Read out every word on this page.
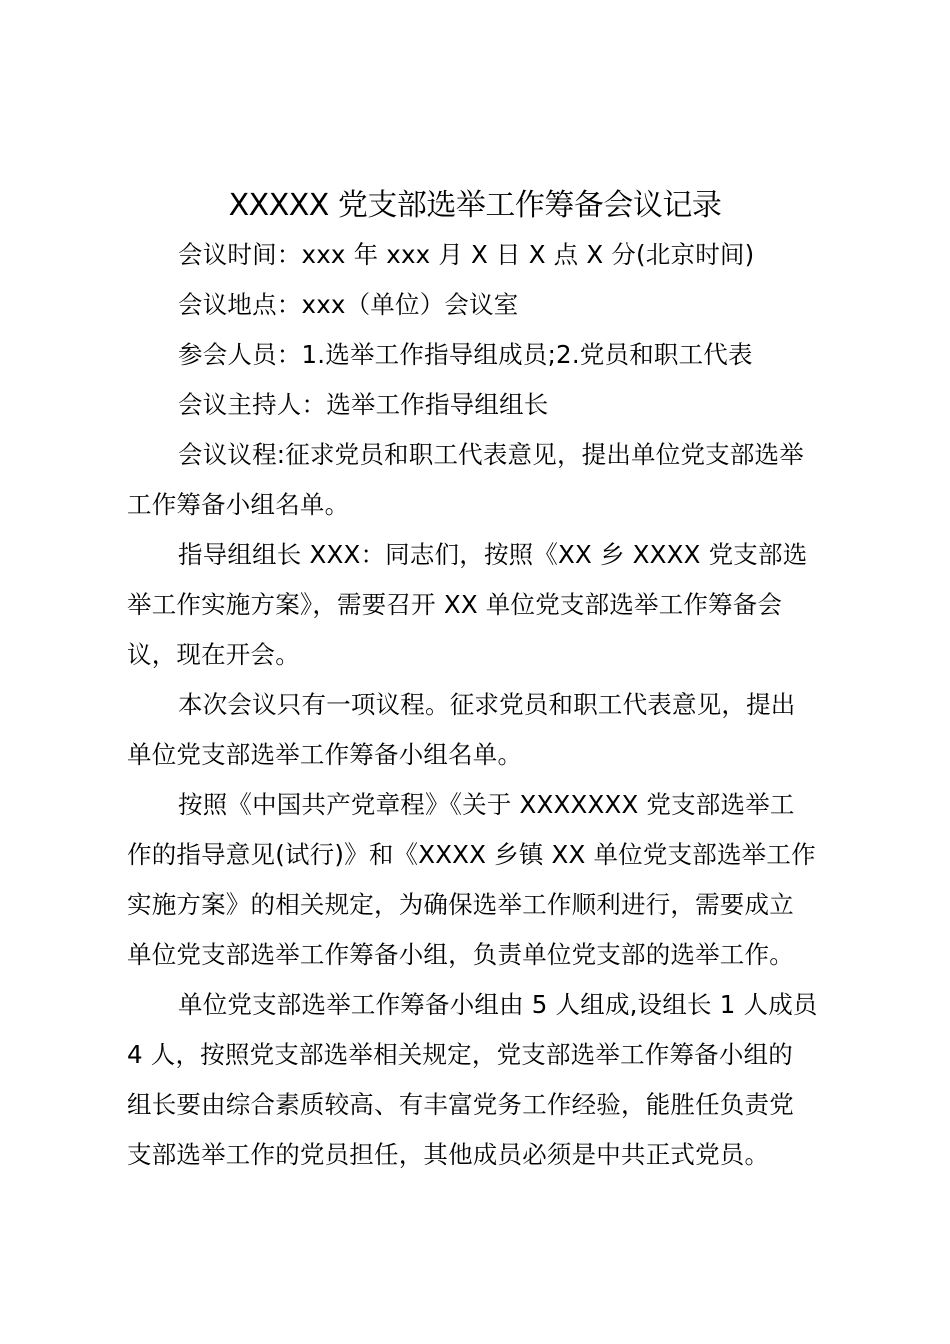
XXXXX 党支部选举工作筹备会议记录
会议时间：xxx 年 xxx 月 X 日 X 点 X 分(北京时间)
会议地点：xxx（单位）会议室
参会人员：1.选举工作指导组成员;2.党员和职工代表
会议主持人：选举工作指导组组长
会议议程:征求党员和职工代表意见，提出单位党支部选举
工作筹备小组名单。
指导组组长 XXX：同志们，按照《XX 乡 XXXX 党支部选
举工作实施方案》，需要召开 XX 单位党支部选举工作筹备会
议，现在开会。
本次会议只有一项议程。征求党员和职工代表意见，提出
单位党支部选举工作筹备小组名单。
按照《中国共产党章程》《关于 XXXXXXX 党支部选举工
作的指导意见(试行)》和《XXXX 乡镇 XX 单位党支部选举工作
实施方案》的相关规定，为确保选举工作顺利进行，需要成立
单位党支部选举工作筹备小组，负责单位党支部的选举工作。
单位党支部选举工作筹备小组由 5 人组成,设组长 1 人成员
4 人，按照党支部选举相关规定，党支部选举工作筹备小组的
组长要由综合素质较高、有丰富党务工作经验，能胜任负责党
支部选举工作的党员担任，其他成员必须是中共正式党员。
